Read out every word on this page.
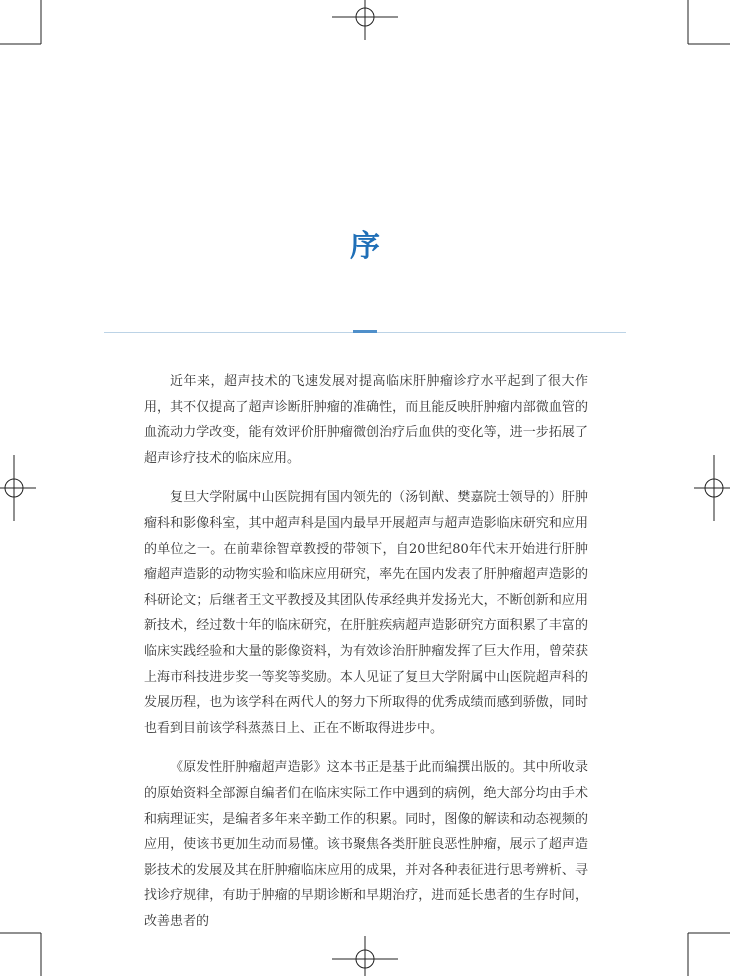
序

近年来，超声技术的飞速发展对提高临床肝肿瘤诊疗水平起到了很大作用，其不仅提高了超声诊断肝肿瘤的准确性，而且能反映肝肿瘤内部微血管的血流动力学改变，能有效评价肝肿瘤微创治疗后血供的变化等，进一步拓展了超声诊疗技术的临床应用。

复旦大学附属中山医院拥有国内领先的（汤钊猷、樊嘉院士领导的）肝肿瘤科和影像科室，其中超声科是国内最早开展超声与超声造影临床研究和应用的单位之一。在前辈徐智章教授的带领下，自20世纪80年代末开始进行肝肿瘤超声造影的动物实验和临床应用研究，率先在国内发表了肝肿瘤超声造影的科研论文；后继者王文平教授及其团队传承经典并发扬光大，不断创新和应用新技术，经过数十年的临床研究，在肝脏疾病超声造影研究方面积累了丰富的临床实践经验和大量的影像资料，为有效诊治肝肿瘤发挥了巨大作用，曾荣获上海市科技进步奖一等奖等奖励。本人见证了复旦大学附属中山医院超声科的发展历程，也为该学科在两代人的努力下所取得的优秀成绩而感到骄傲，同时也看到目前该学科蒸蒸日上、正在不断取得进步中。

《原发性肝肿瘤超声造影》这本书正是基于此而编撰出版的。其中所收录的原始资料全部源自编者们在临床实际工作中遇到的病例，绝大部分均由手术和病理证实，是编者多年来辛勤工作的积累。同时，图像的解读和动态视频的应用，使该书更加生动而易懂。该书聚焦各类肝脏良恶性肿瘤，展示了超声造影技术的发展及其在肝肿瘤临床应用的成果，并对各种表征进行思考辨析、寻找诊疗规律，有助于肿瘤的早期诊断和早期治疗，进而延长患者的生存时间，改善患者的
